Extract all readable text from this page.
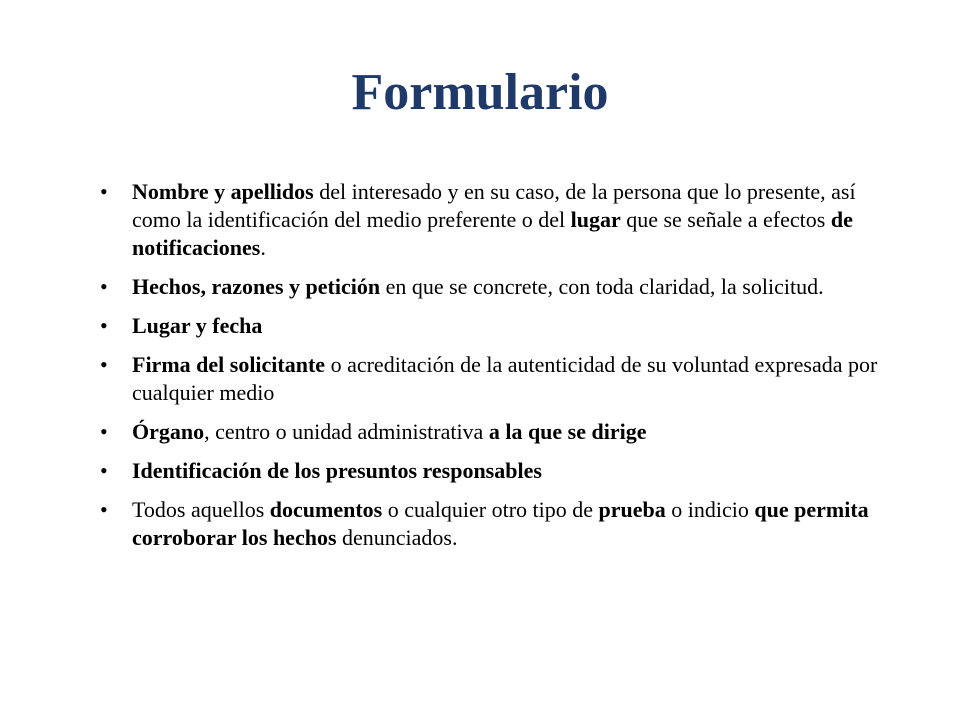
Formulario
•	Nombre y apellidos del interesado y en su caso, de la persona que lo presente, así como la identificación del medio preferente o del lugar que se señale a efectos de notificaciones.
•	Hechos, razones y petición en que se concrete, con toda claridad, la solicitud.
•	Lugar y fecha
•	Firma del solicitante o acreditación de la autenticidad de su voluntad expresada por cualquier medio
•	Órgano, centro o unidad administrativa a la que se dirige
•	Identificación de los presuntos responsables
•	Todos aquellos documentos o cualquier otro tipo de prueba o indicio que permita corroborar los hechos denunciados.
